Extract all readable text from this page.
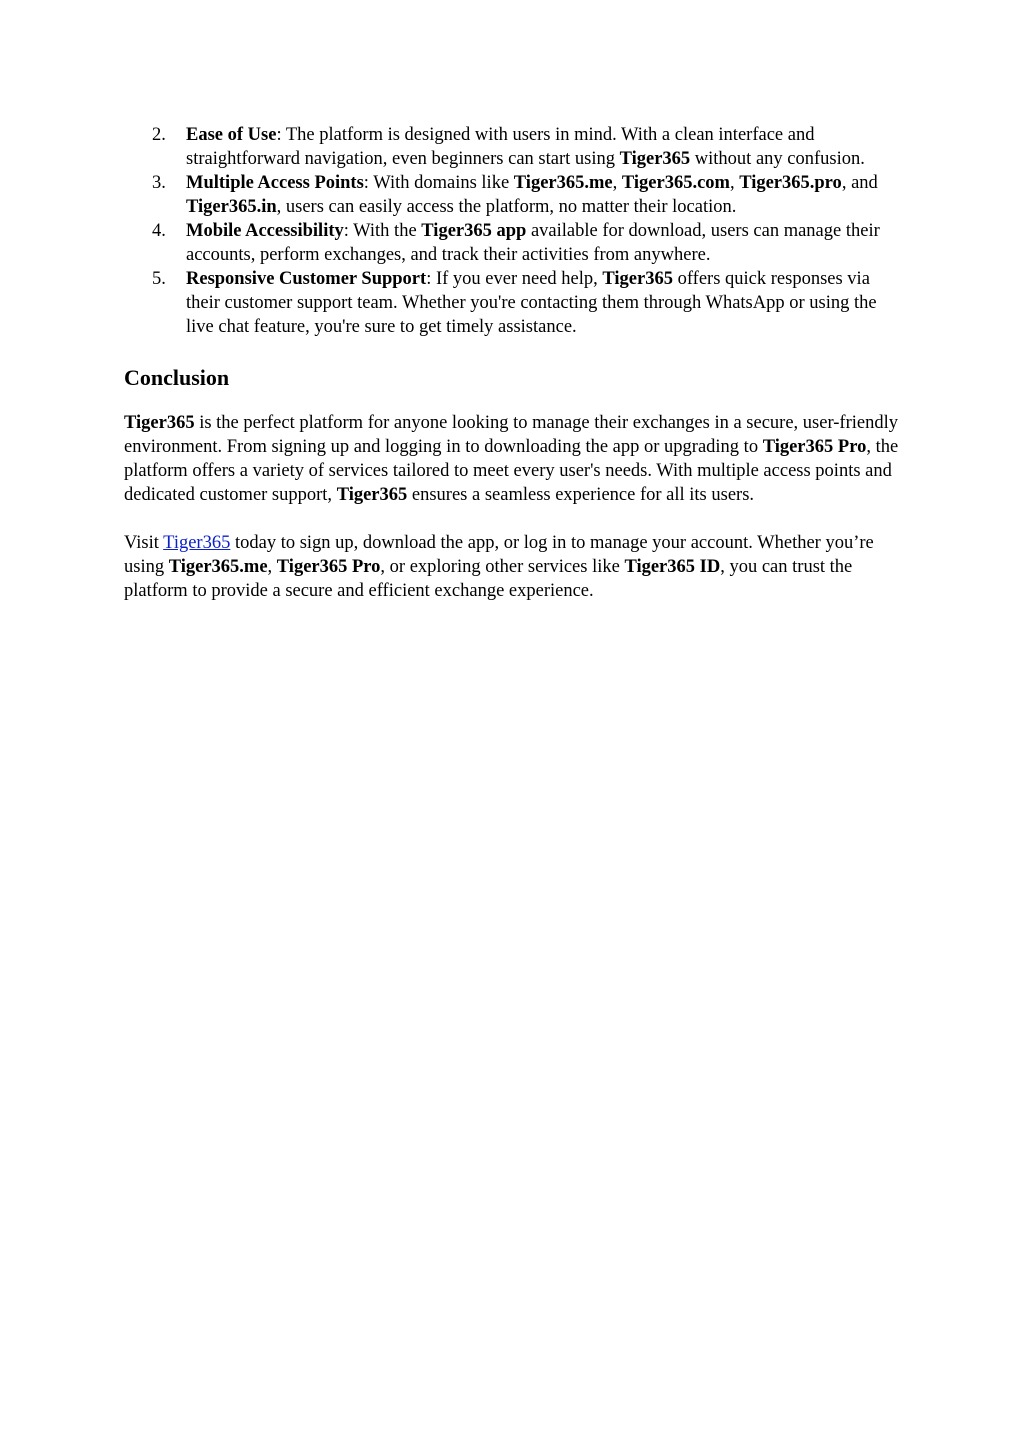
2. Ease of Use: The platform is designed with users in mind. With a clean interface and straightforward navigation, even beginners can start using Tiger365 without any confusion.
3. Multiple Access Points: With domains like Tiger365.me, Tiger365.com, Tiger365.pro, and Tiger365.in, users can easily access the platform, no matter their location.
4. Mobile Accessibility: With the Tiger365 app available for download, users can manage their accounts, perform exchanges, and track their activities from anywhere.
5. Responsive Customer Support: If you ever need help, Tiger365 offers quick responses via their customer support team. Whether you're contacting them through WhatsApp or using the live chat feature, you're sure to get timely assistance.
Conclusion

Tiger365 is the perfect platform for anyone looking to manage their exchanges in a secure, user-friendly environment. From signing up and logging in to downloading the app or upgrading to Tiger365 Pro, the platform offers a variety of services tailored to meet every user's needs. With multiple access points and dedicated customer support, Tiger365 ensures a seamless experience for all its users.

Visit Tiger365 today to sign up, download the app, or log in to manage your account. Whether you’re using Tiger365.me, Tiger365 Pro, or exploring other services like Tiger365 ID, you can trust the platform to provide a secure and efficient exchange experience.
